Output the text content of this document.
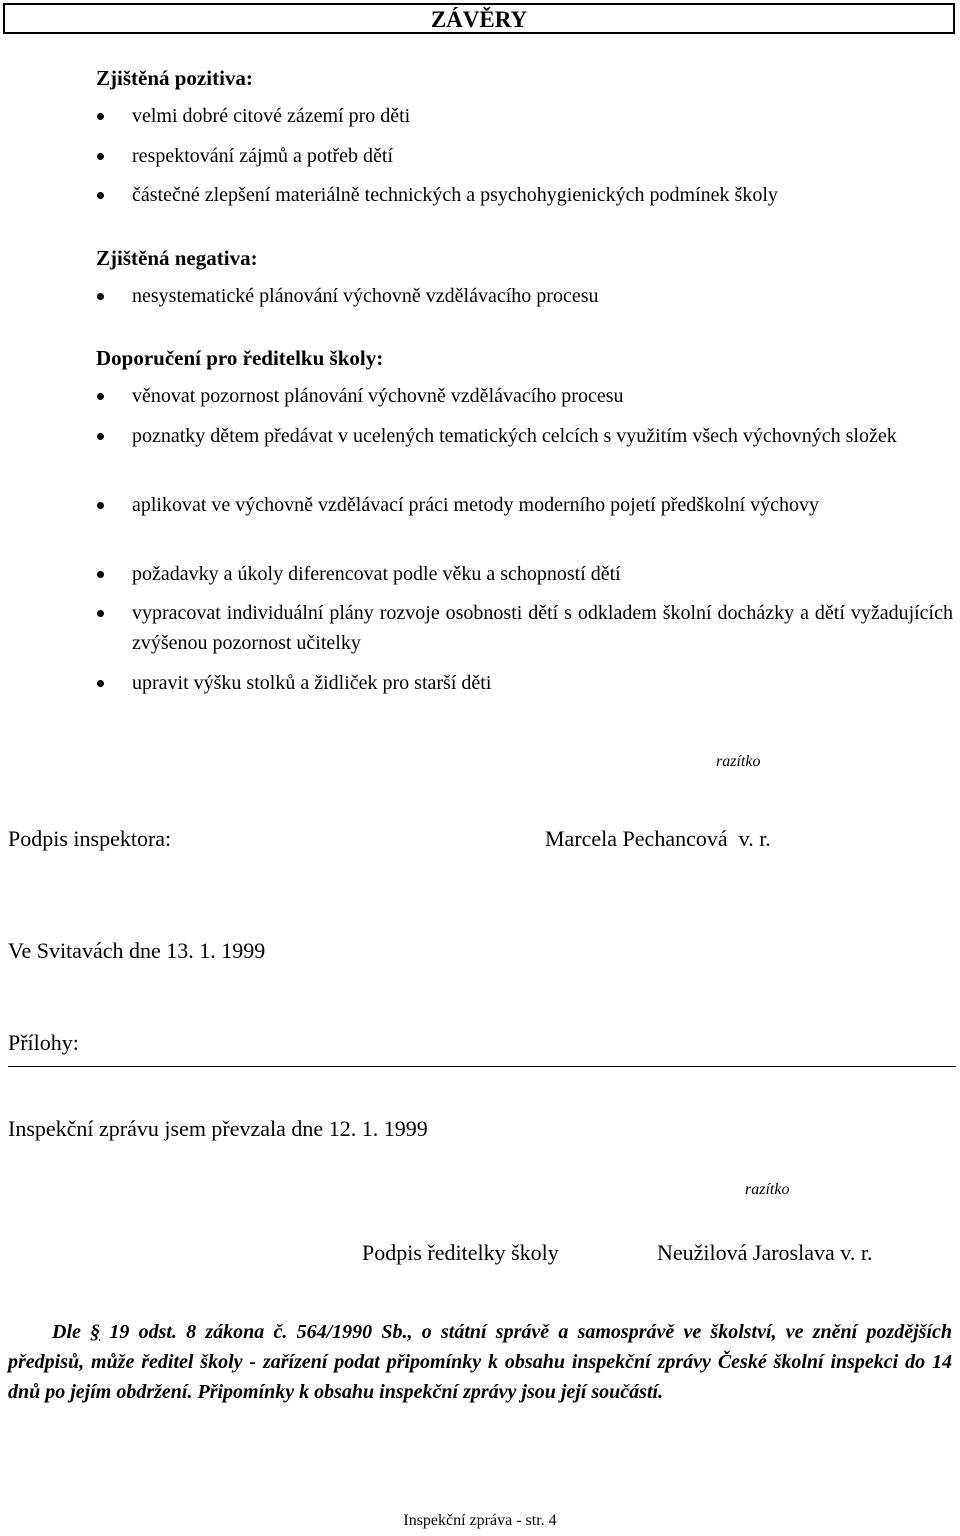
ZÁVĚRY
Zjištěná pozitiva:
velmi dobré citové zázemí pro děti
respektování zájmů a potřeb dětí
částečné zlepšení materiálně technických a psychohygienických podmínek školy
Zjištěná negativa:
nesystematické plánování výchovně vzdělávacího procesu
Doporučení pro ředitelku školy:
věnovat pozornost plánování výchovně vzdělávacího procesu
poznatky dětem předávat v ucelených tematických celcích s využitím všech výchovných složek
aplikovat ve výchovně vzdělávací práci metody moderního pojetí předškolní výchovy
požadavky a úkoly diferencovat podle věku a schopností dětí
vypracovat individuální plány rozvoje osobnosti dětí s odkladem školní docházky a dětí vyžadujících zvýšenou pozornost učitelky
upravit výšku stolků a židliček pro starší děti
razítko
Podpis inspektora:	Marcela Pechancová  v. r.
Ve Svitavách dne 13. 1. 1999
Přílohy:
Inspekční zprávu jsem převzala dne 12. 1. 1999
razítko
Podpis ředitelky školy	Neužilová Jaroslava v. r.
Dle § 19 odst. 8 zákona č. 564/1990 Sb., o státní správě a samosprávě ve školství, ve znění pozdějších předpisů, může ředitel školy - zařízení podat připomínky k obsahu inspekční zprávy České školní inspekci do 14 dnů po jejím obdržení. Připomínky k obsahu inspekční zprávy jsou její součástí.
Inspekční zpráva - str. 4
